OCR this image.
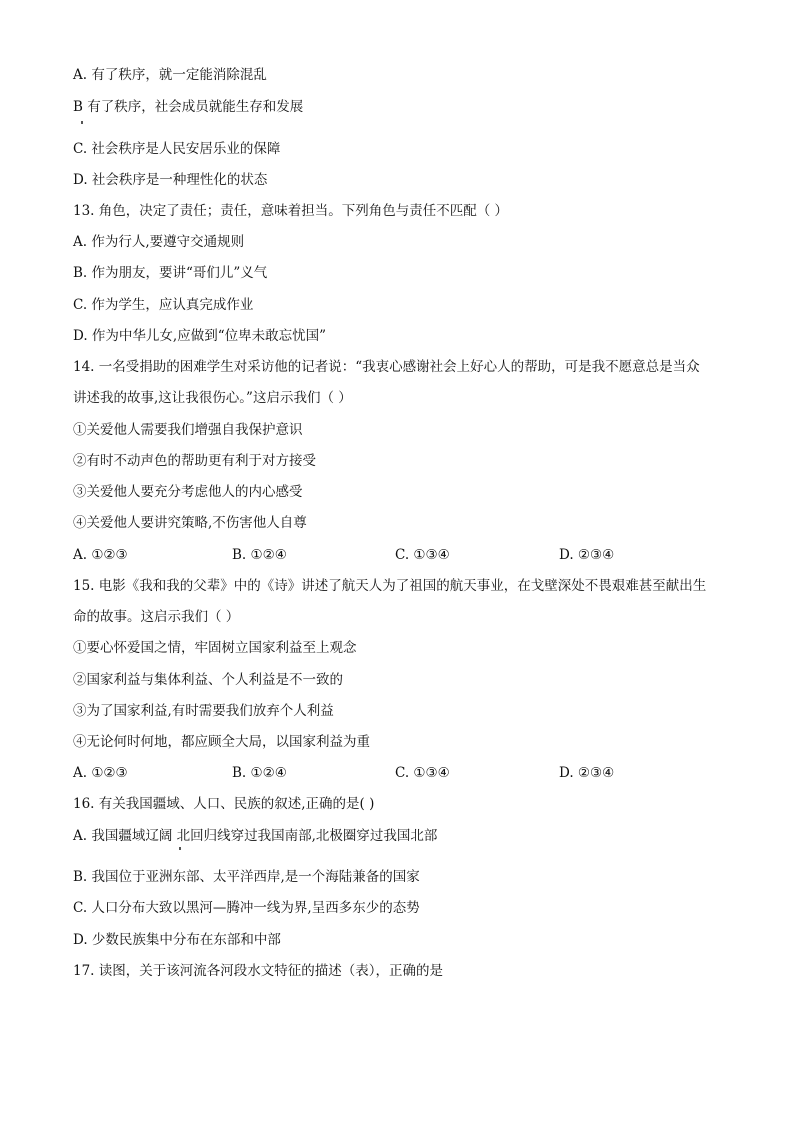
A. 有了秩序，就一定能消除混乱
B 有了秩序，社会成员就能生存和发展
C. 社会秩序是人民安居乐业的保障
D. 社会秩序是一种理性化的状态
13. 角色，决定了责任；责任，意味着担当。下列角色与责任不匹配（ ）
A. 作为行人,要遵守交通规则
B. 作为朋友，要讲“哥们儿”义气
C. 作为学生，应认真完成作业
D. 作为中华儿女,应做到“位卑未敢忘忧国”
14. 一名受捐助的困难学生对采访他的记者说：“我衷心感谢社会上好心人的帮助，可是我不愿意总是当众
讲述我的故事,这让我很伤心。”这启示我们（ ）
①关爱他人需要我们增强自我保护意识
②有时不动声色的帮助更有利于对方接受
③关爱他人要充分考虑他人的内心感受
④关爱他人要讲究策略,不伤害他人自尊
A. ①②③	B. ①②④	C. ①③④	D. ②③④
15. 电影《我和我的父辈》中的《诗》讲述了航天人为了祖国的航天事业，在戈壁深处不畏艰难甚至献出生
命的故事。这启示我们（ ）
①要心怀爱国之情，牢固树立国家利益至上观念
②国家利益与集体利益、个人利益是不一致的
③为了国家利益,有时需要我们放弃个人利益
④无论何时何地，都应顾全大局，以国家利益为重
A. ①②③	B. ①②④	C. ①③④	D. ②③④
16. 有关我国疆域、人口、民族的叙述,正确的是( )
A. 我国疆域辽阔 北回归线穿过我国南部,北极圈穿过我国北部
B. 我国位于亚洲东部、太平洋西岸,是一个海陆兼备的国家
C. 人口分布大致以黑河—腾冲一线为界,呈西多东少的态势
D. 少数民族集中分布在东部和中部
17. 读图，关于该河流各河段水文特征的描述（表），正确的是
